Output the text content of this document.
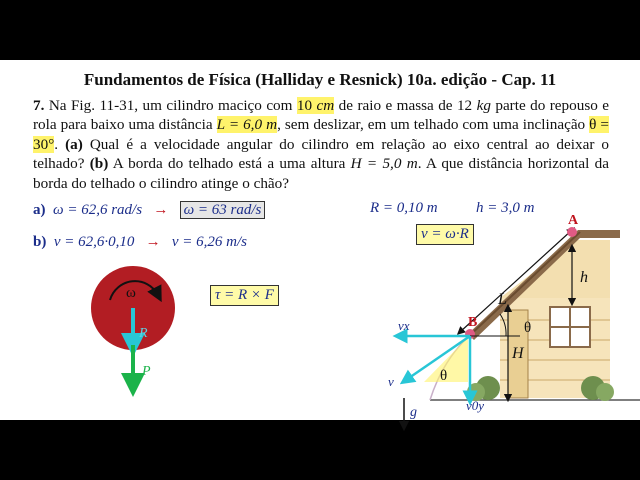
Fundamentos de Física (Halliday e Resnick) 10a. edição - Cap. 11
7. Na Fig. 11-31, um cilindro maciço com 10 cm de raio e massa de 12 kg parte do repouso e rola para baixo uma distância L = 6,0 m, sem deslizar, em um telhado com uma inclinação θ = 30°. (a) Qual é a velocidade angular do cilindro em relação ao eixo central ao deixar o telhado? (b) A borda do telhado está a uma altura H = 5,0 m. A que distância horizontal da borda do telhado o cilindro atinge o chão?
a) ω = 62,6 rad/s → ω = 63 rad/s
b) v = 62,6·0,10 → v = 6,26 m/s
R = 0,10 m	h = 3,0 m
v = ω·R
τ = R × F
ω
R
P
L
h
H
A
B	θ
vx
v
v0y
θ
g
